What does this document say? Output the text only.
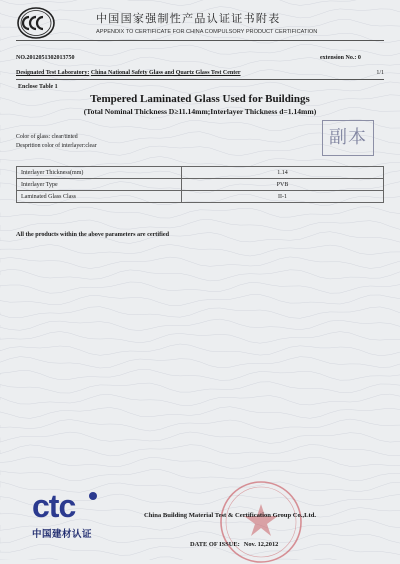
中国国家强制性产品认证证书附表
APPENDIX TO CERTIFICATE FOR CHINA COMPULSORY PRODUCT CERTIFICATION
NO.2012051302013750	extension No.: 0
Designated Test Laboratory: China National Safety Glass and Quartz Glass Test Center	1/1
Enclose Table 1
Tempered Laminated Glass Used for Buildings
(Total Nominal Thickness D≥11.14mm;Interlayer Thickness d=1.14mm)
Color of glass: clear/tinted
Desprition color of interlayer:clear	副本
Interlayer Thickness(mm)	1.14
Interlayer Type	PVB
Laminated Glass Class	II-1
All the products within the above parameters are certified
ctc
中国建材认证
China Building Material Test & Certification Group Co.,Ltd.
DATE OF ISSUE: Nov. 12,2012
